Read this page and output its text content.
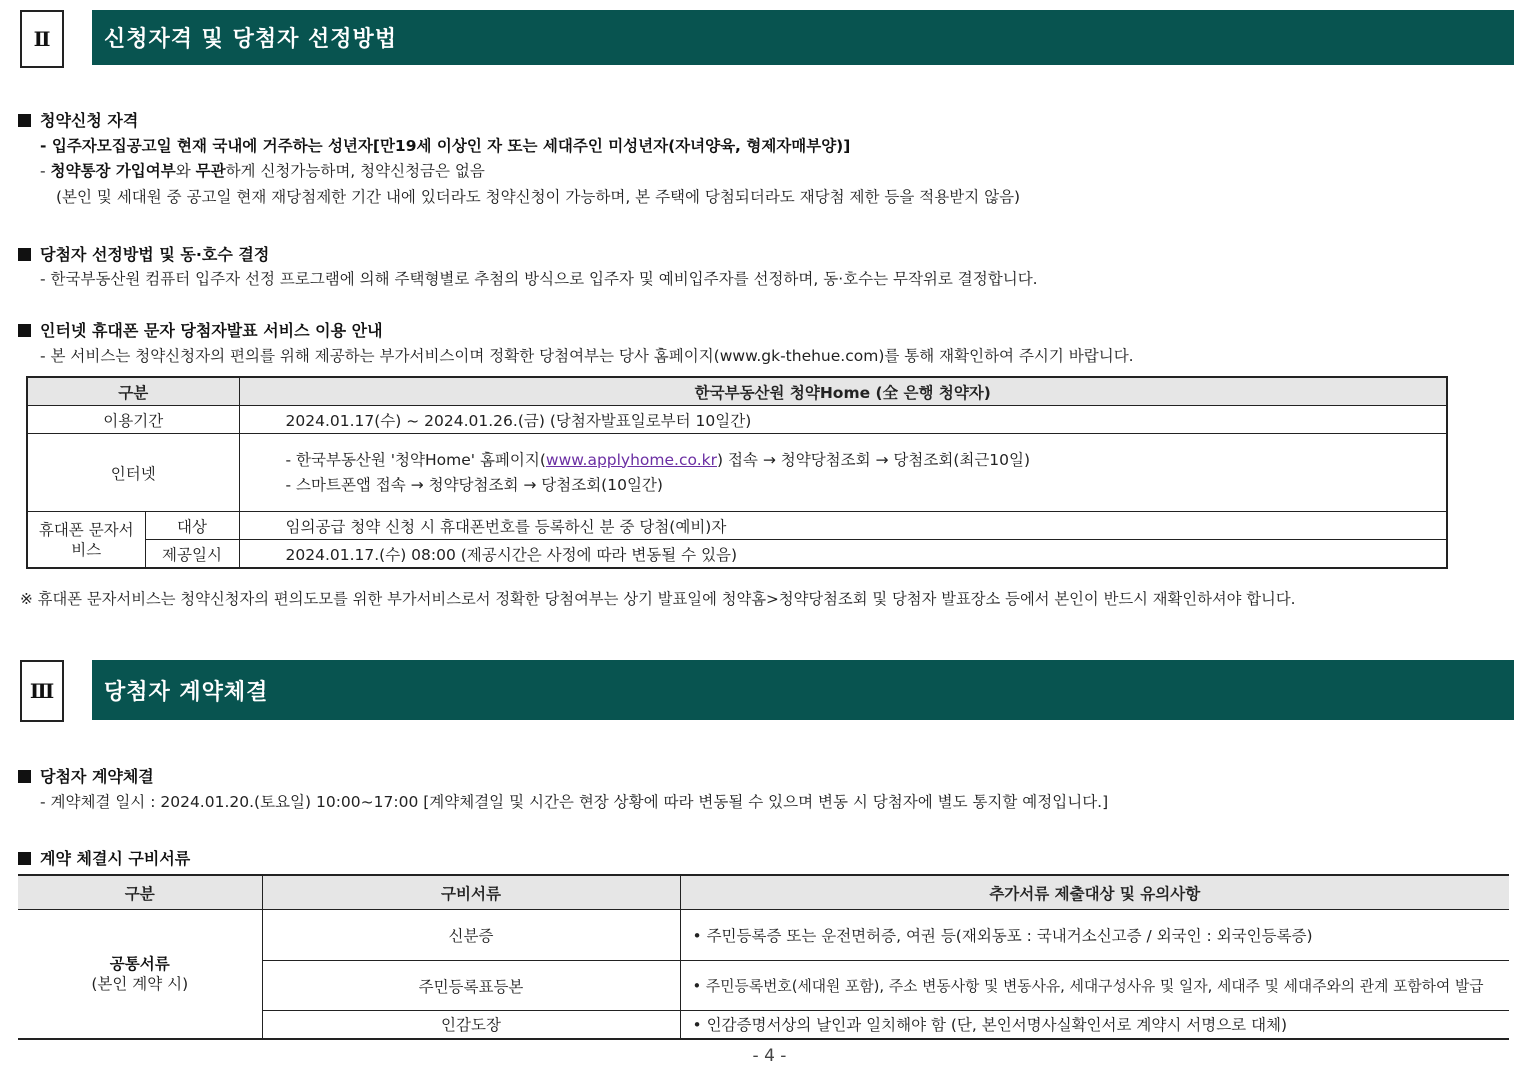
Ⅱ 신청자격 및 당첨자 선정방법
청약신청 자격
- 입주자모집공고일 현재 국내에 거주하는 성년자[만19세 이상인 자 또는 세대주인 미성년자(자녀양육, 형제자매부양)]
- 청약통장 가입여부와 무관하게 신청가능하며, 청약신청금은 없음
(본인 및 세대원 중 공고일 현재 재당첨제한 기간 내에 있더라도 청약신청이 가능하며, 본 주택에 당첨되더라도 재당첨 제한 등을 적용받지 않음)
당첨자 선정방법 및 동·호수 결정
- 한국부동산원 컴퓨터 입주자 선정 프로그램에 의해 주택형별로 추첨의 방식으로 입주자 및 예비입주자를 선정하며, 동·호수는 무작위로 결정합니다.
인터넷 휴대폰 문자 당첨자발표 서비스 이용 안내
- 본 서비스는 청약신청자의 편의를 위해 제공하는 부가서비스이며 정확한 당첨여부는 당사 홈페이지(www.gk-thehue.com)를 통해 재확인하여 주시기 바랍니다.
구분		한국부동산원 청약Home (全 은행 청약자)
이용기간		2024.01.17(수) ~ 2024.01.26.(금) (당첨자발표일로부터 10일간)
인터넷		- 한국부동산원 '청약Home' 홈페이지(www.applyhome.co.kr) 접속 → 청약당첨조회 → 당첨조회(최근10일)
- 스마트폰앱 접속 → 청약당첨조회 → 당첨조회(10일간)

휴대폰 문자서비스	대상	임의공급 청약 신청 시 휴대폰번호를 등록하신 분 중 당첨(예비)자
	제공일시	2024.01.17.(수) 08:00 (제공시간은 사정에 따라 변동될 수 있음)
※ 휴대폰 문자서비스는 청약신청자의 편의도모를 위한 부가서비스로서 정확한 당첨여부는 상기 발표일에 청약홈>청약당첨조회 및 당첨자 발표장소 등에서 본인이 반드시 재확인하셔야 합니다.
Ⅲ 당첨자 계약체결
당첨자 계약체결
- 계약체결 일시 : 2024.01.20.(토요일) 10:00~17:00 [계약체결일 및 시간은 현장 상황에 따라 변동될 수 있으며 변동 시 당첨자에 별도 통지할 예정입니다.]
계약 체결시 구비서류
구분	구비서류	추가서류 제출대상 및 유의사항

공통서류
(본인 계약 시)	신분증	• 주민등록증 또는 운전면허증, 여권 등(재외동포 : 국내거소신고증 / 외국인 : 외국인등록증)
	주민등록표등본	• 주민등록번호(세대원 포함), 주소 변동사항 및 변동사유, 세대구성사유 및 일자, 세대주 및 세대주와의 관계 포함하여 발급
	인감도장	• 인감증명서상의 날인과 일치해야 함 (단, 본인서명사실확인서로 계약시 서명으로 대체)
- 4 -
